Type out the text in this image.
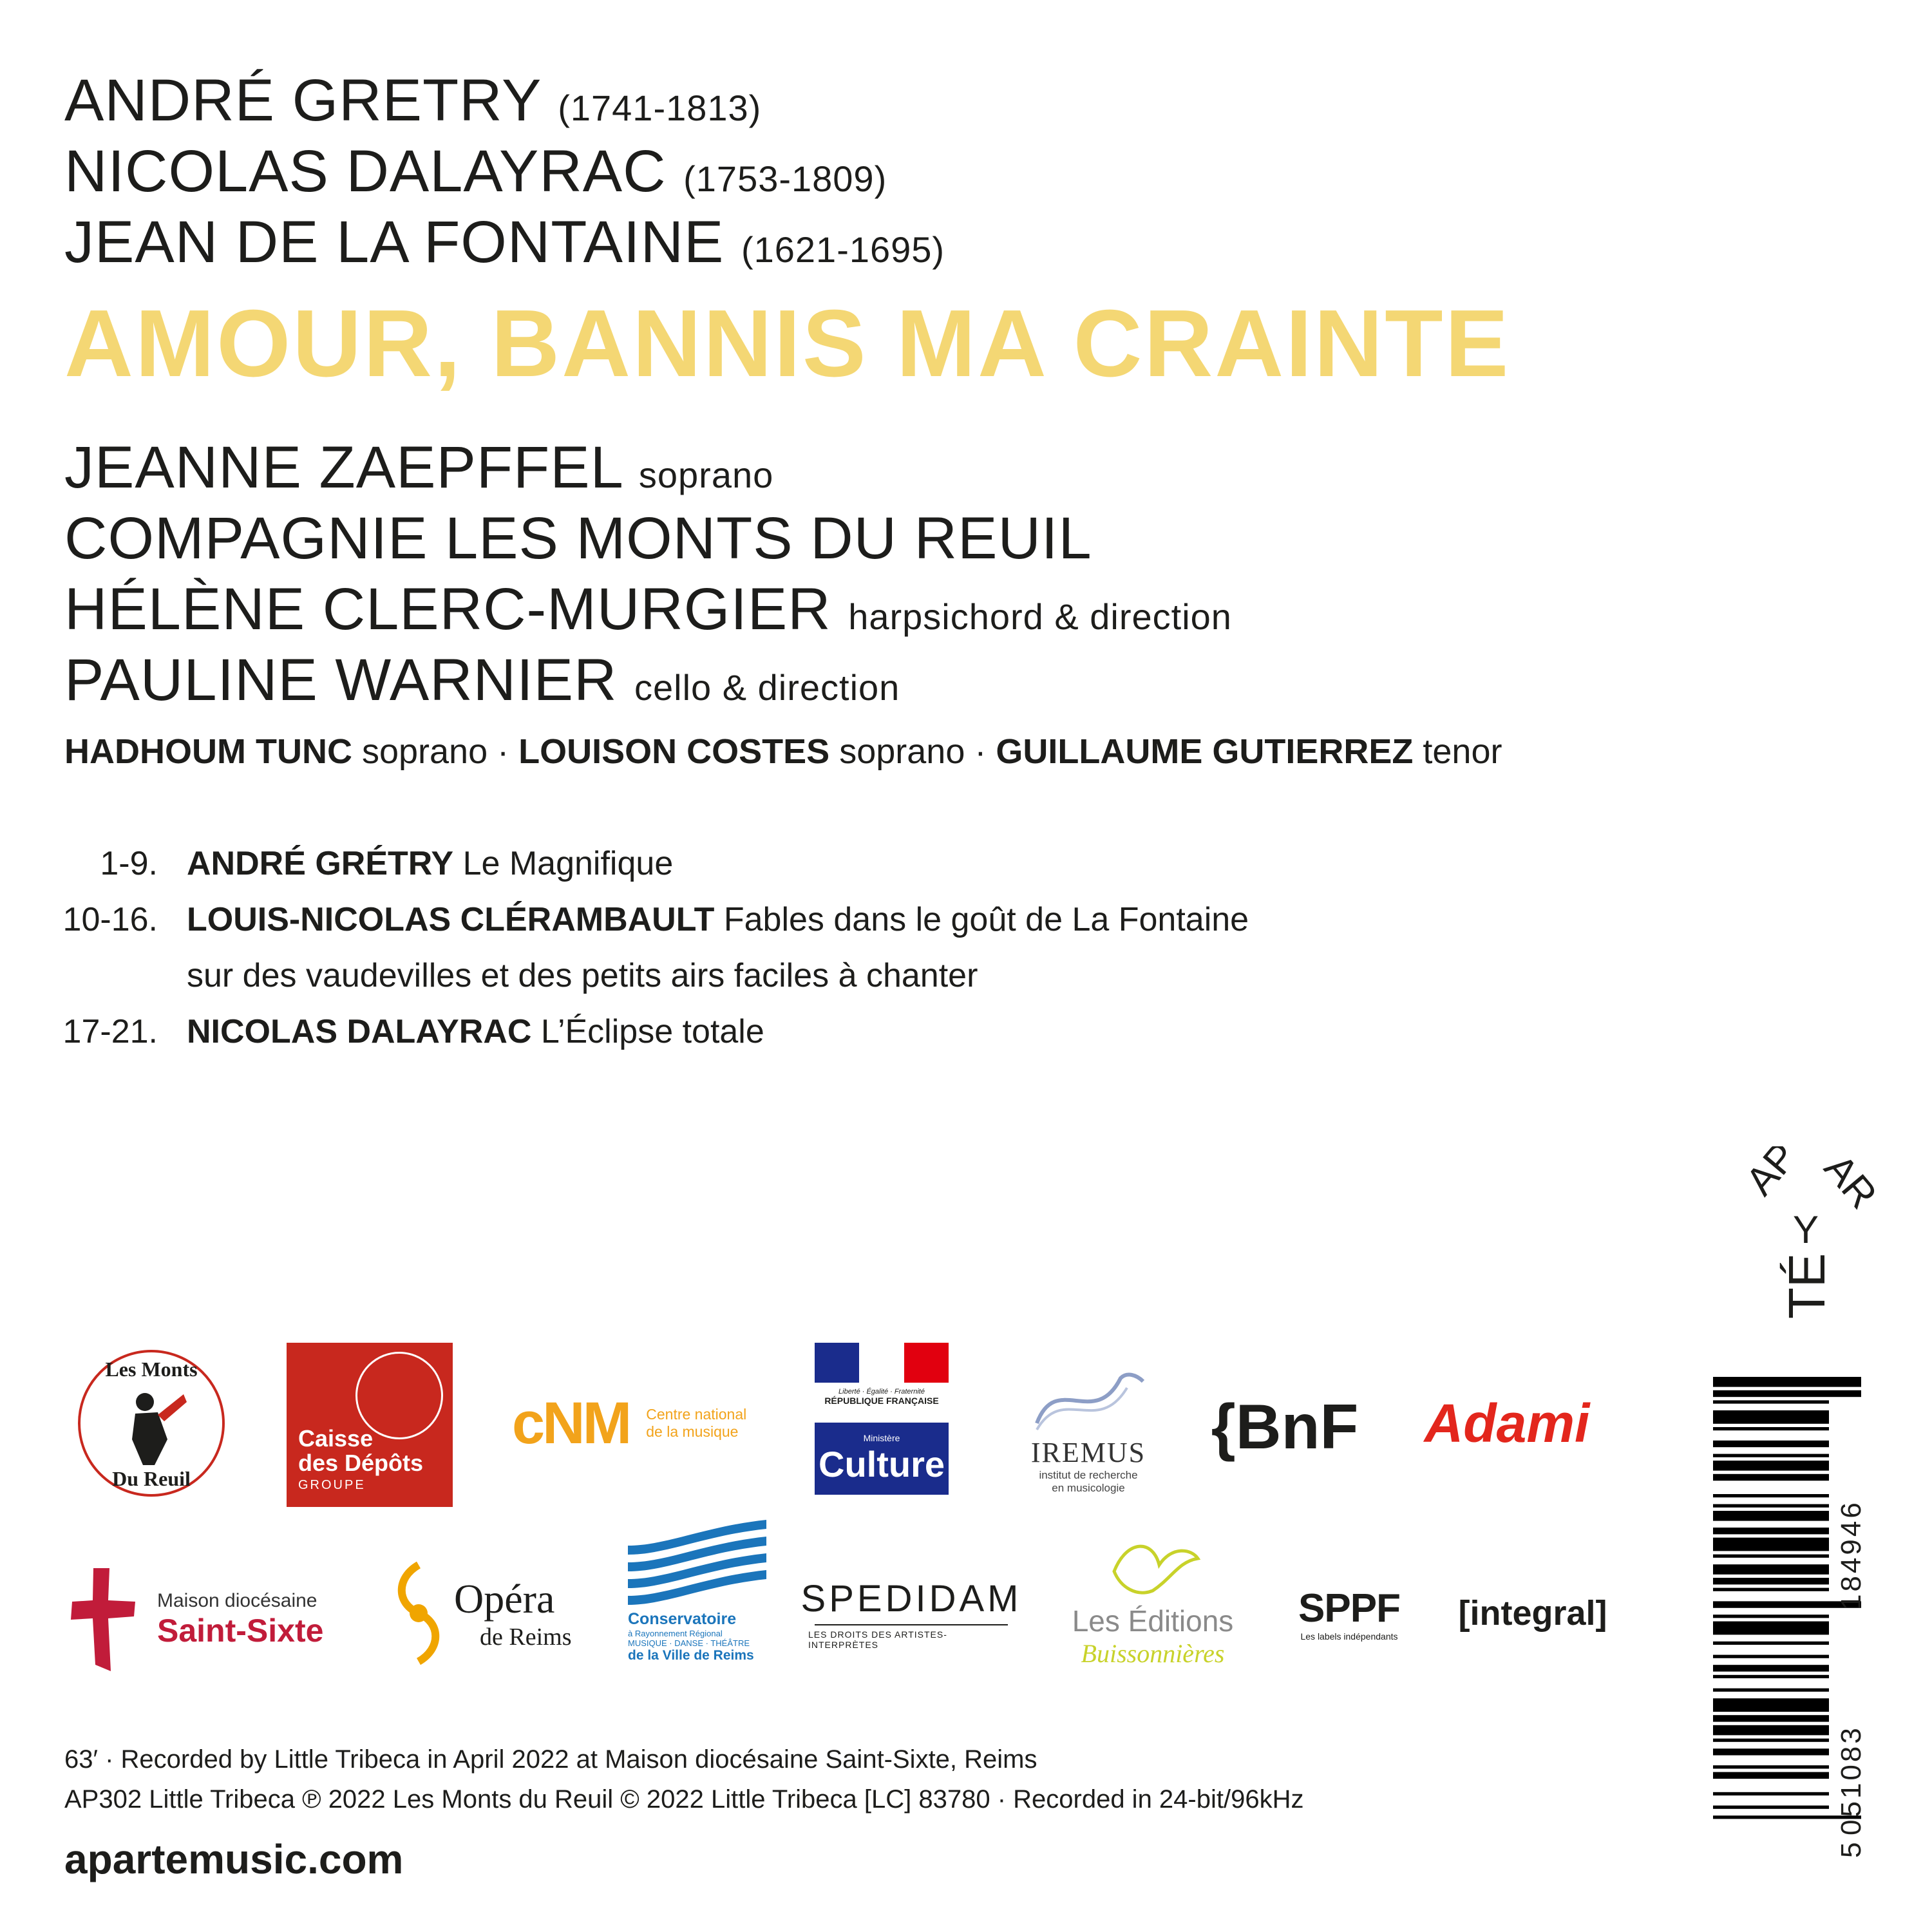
ANDRÉ GRETRY (1741-1813)
NICOLAS DALAYRAC (1753-1809)
JEAN DE LA FONTAINE (1621-1695)
AMOUR, BANNIS MA CRAINTE
JEANNE ZAEPFFEL soprano
COMPAGNIE LES MONTS DU REUIL
HÉLÈNE CLERC-MURGIER harpsichord & direction
PAULINE WARNIER cello & direction
HADHOUM TUNC soprano · LOUISON COSTES soprano · GUILLAUME GUTIERREZ tenor
1-9. ANDRÉ GRÉTRY Le Magnifique
10-16. LOUIS-NICOLAS CLÉRAMBAULT Fables dans le goût de La Fontaine
sur des vaudevilles et des petits airs faciles à chanter
17-21. NICOLAS DALAYRAC L’Éclipse totale
AP AR
Y
TÉ
Les Monts
Du Reuil
Caisse
des Dépôts
GROUPE
cNM Centre national
de la musique
Liberté · Égalité · Fraternité
RÉPUBLIQUE FRANÇAISE
Ministère
Culture	IREMUS
institut de recherche
en musicologie
{BnF Adami
Maison diocésaine
Saint-Sixte
Opéra
de Reims
Conservatoire
à Rayonnement Régional
MUSIQUE · DANSE · THÉÂTRE
de la Ville de Reims
SPEDIDAM
LES DROITS DES ARTISTES-INTERPRÈTES
Les Éditions
Buissonnières
SPPF
Les labels indépendants
[integral]
63′ · Recorded by Little Tribeca in April 2022 at Maison diocésaine Saint-Sixte, Reims
AP302 Little Tribeca ℗ 2022 Les Monts du Reuil © 2022 Little Tribeca [LC] 83780 · Recorded in 24-bit/96kHz
apartemusic.com	5
051083
184946
